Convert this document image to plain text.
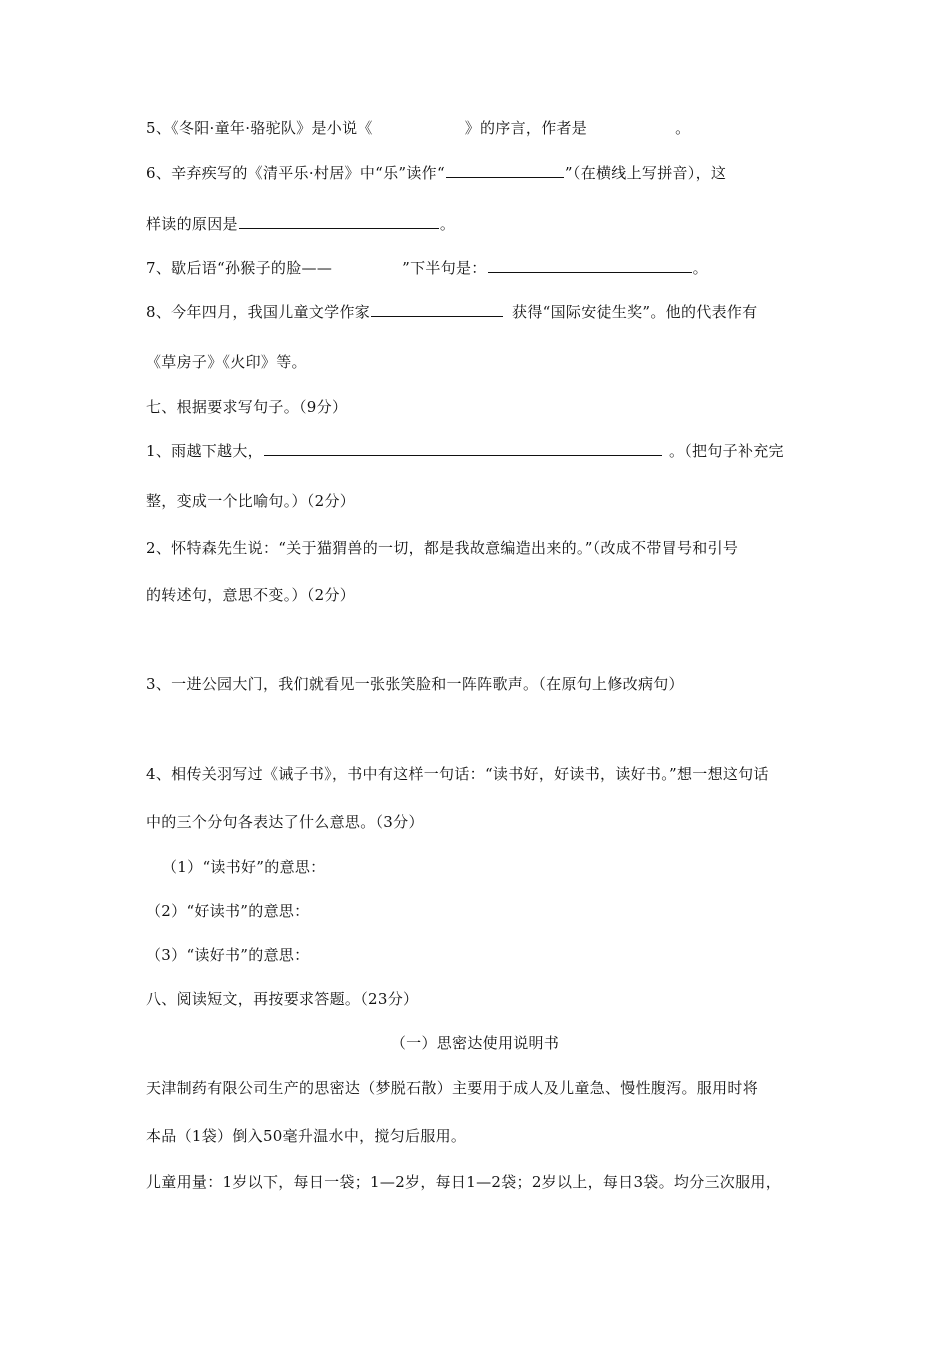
5、《冬阳·童年·骆驼队》是小说《	》的序言，作者是	。
6、辛弃疾写的《清平乐·村居》中“乐”读作“	”（在横线上写拼音），这
样读的原因是	。
7、歇后语“孙猴子的脸——	”下半句是：	。
8、今年四月，我国儿童文学作家	获得“国际安徒生奖”。他的代表作有
《草房子》《火印》等。
七、根据要求写句子。（9分）
1、雨越下越大，	。（把句子补充完
整，变成一个比喻句。）（2分）
2、怀特森先生说：“关于猫猬兽的一切，都是我故意编造出来的。”（改成不带冒号和引号
的转述句，意思不变。）（2分）
3、一进公园大门，我们就看见一张张笑脸和一阵阵歌声。（在原句上修改病句）
4、相传关羽写过《诫子书》，书中有这样一句话：“读书好，好读书，读好书。”想一想这句话
中的三个分句各表达了什么意思。（3分）
（1）“读书好”的意思：
（2）“好读书”的意思：
（3）“读好书”的意思：
八、阅读短文，再按要求答题。（23分）
（一）思密达使用说明书
天津制药有限公司生产的思密达（梦脱石散）主要用于成人及儿童急、慢性腹泻。服用时将
本品（1袋）倒入50毫升温水中，搅匀后服用。
儿童用量：1岁以下，每日一袋；1—2岁，每日1—2袋；2岁以上，每日3袋。均分三次服用，
